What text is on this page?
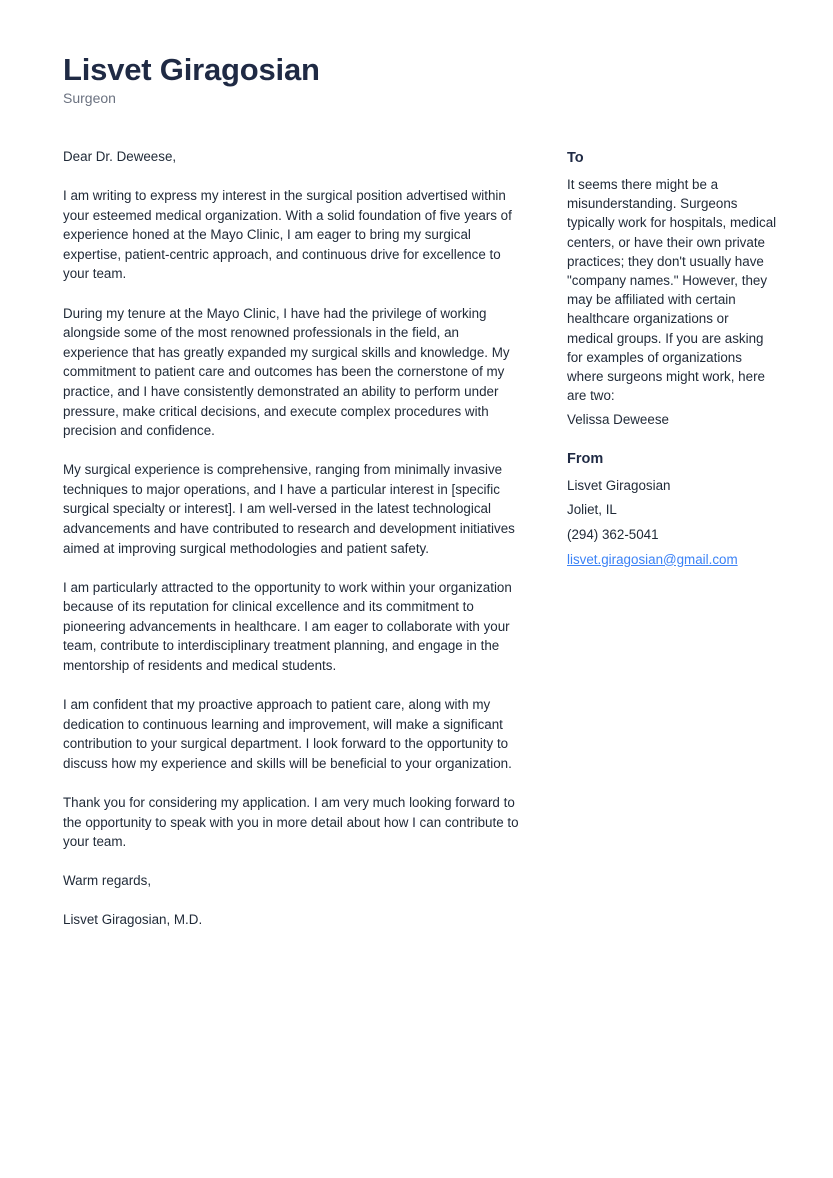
Lisvet Giragosian
Surgeon

Dear Dr. Deweese,

I am writing to express my interest in the surgical position advertised within your esteemed medical organization. With a solid foundation of five years of experience honed at the Mayo Clinic, I am eager to bring my surgical expertise, patient-centric approach, and continuous drive for excellence to your team.

During my tenure at the Mayo Clinic, I have had the privilege of working alongside some of the most renowned professionals in the field, an experience that has greatly expanded my surgical skills and knowledge. My commitment to patient care and outcomes has been the cornerstone of my practice, and I have consistently demonstrated an ability to perform under pressure, make critical decisions, and execute complex procedures with precision and confidence.

My surgical experience is comprehensive, ranging from minimally invasive techniques to major operations, and I have a particular interest in [specific surgical specialty or interest]. I am well-versed in the latest technological advancements and have contributed to research and development initiatives aimed at improving surgical methodologies and patient safety.

I am particularly attracted to the opportunity to work within your organization because of its reputation for clinical excellence and its commitment to pioneering advancements in healthcare. I am eager to collaborate with your team, contribute to interdisciplinary treatment planning, and engage in the mentorship of residents and medical students.

I am confident that my proactive approach to patient care, along with my dedication to continuous learning and improvement, will make a significant contribution to your surgical department. I look forward to the opportunity to discuss how my experience and skills will be beneficial to your organization.

Thank you for considering my application. I am very much looking forward to the opportunity to speak with you in more detail about how I can contribute to your team.

Warm regards,

Lisvet Giragosian, M.D.

To
It seems there might be a misunderstanding. Surgeons typically work for hospitals, medical centers, or have their own private practices; they don't usually have "company names." However, they may be affiliated with certain healthcare organizations or medical groups. If you are asking for examples of organizations where surgeons might work, here are two:
Velissa Deweese
From
Lisvet Giragosian
Joliet, IL
(294) 362-5041
lisvet.giragosian@gmail.com
